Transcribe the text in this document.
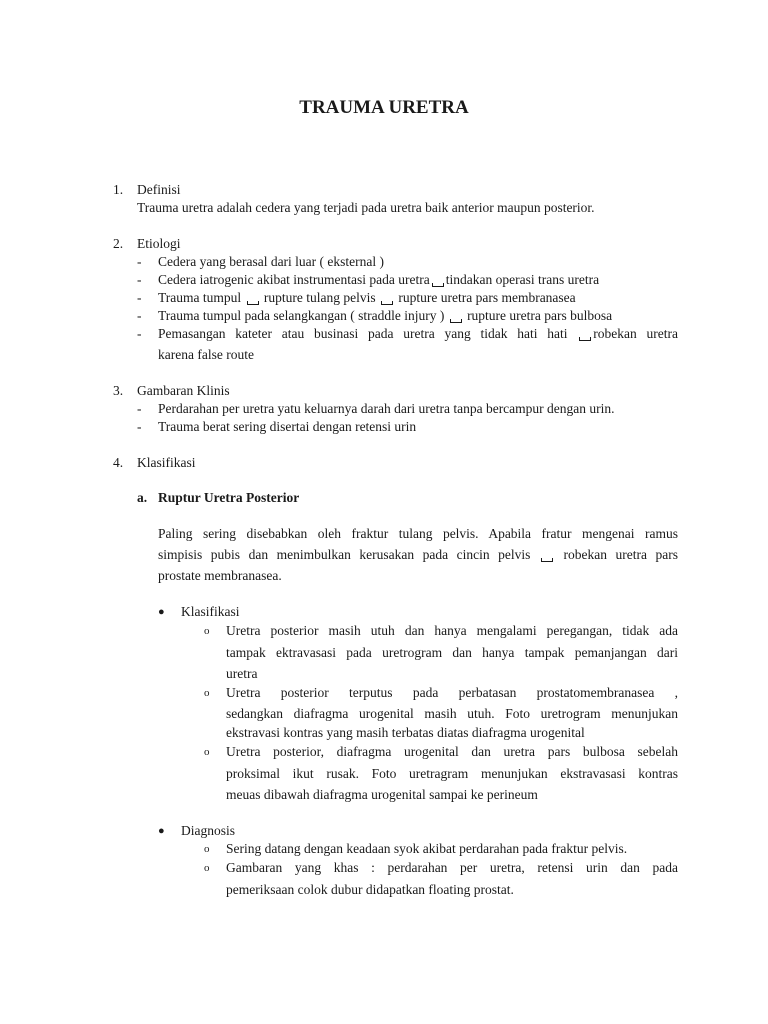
TRAUMA URETRA
1. Definisi
Trauma uretra adalah cedera yang terjadi pada uretra baik anterior maupun posterior.
2. Etiologi
- Cedera yang berasal dari luar ( eksternal )
- Cedera iatrogenic akibat instrumentasi pada uretra tindakan operasi trans uretra
- Trauma tumpul rupture tulang pelvis rupture uretra pars membranasea
- Trauma tumpul pada selangkangan ( straddle injury ) rupture uretra pars bulbosa
- Pemasangan kateter atau businasi pada uretra yang tidak hati hati robekan uretra
karena false route
3. Gambaran Klinis
- Perdarahan per uretra yatu keluarnya darah dari uretra tanpa bercampur dengan urin.
- Trauma berat sering disertai dengan retensi urin
4. Klasifikasi
a. Ruptur Uretra Posterior
Paling sering disebabkan oleh fraktur tulang pelvis. Apabila fratur mengenai ramus
simpisis pubis dan menimbulkan kerusakan pada cincin pelvis robekan uretra pars
prostate membranasea.
● Klasifikasi
o Uretra posterior masih utuh dan hanya mengalami peregangan, tidak ada
tampak ektravasasi pada uretrogram dan hanya tampak pemanjangan dari
uretra
o Uretra posterior terputus pada perbatasan prostatomembranasea ,
sedangkan diafragma urogenital masih utuh. Foto uretrogram menunjukan
ekstravasi kontras yang masih terbatas diatas diafragma urogenital
o Uretra posterior, diafragma urogenital dan uretra pars bulbosa sebelah
proksimal ikut rusak. Foto uretragram menunjukan ekstravasasi kontras
meuas dibawah diafragma urogenital sampai ke perineum
● Diagnosis
o Sering datang dengan keadaan syok akibat perdarahan pada fraktur pelvis.
o Gambaran yang khas : perdarahan per uretra, retensi urin dan pada
pemeriksaan colok dubur didapatkan floating prostat.
